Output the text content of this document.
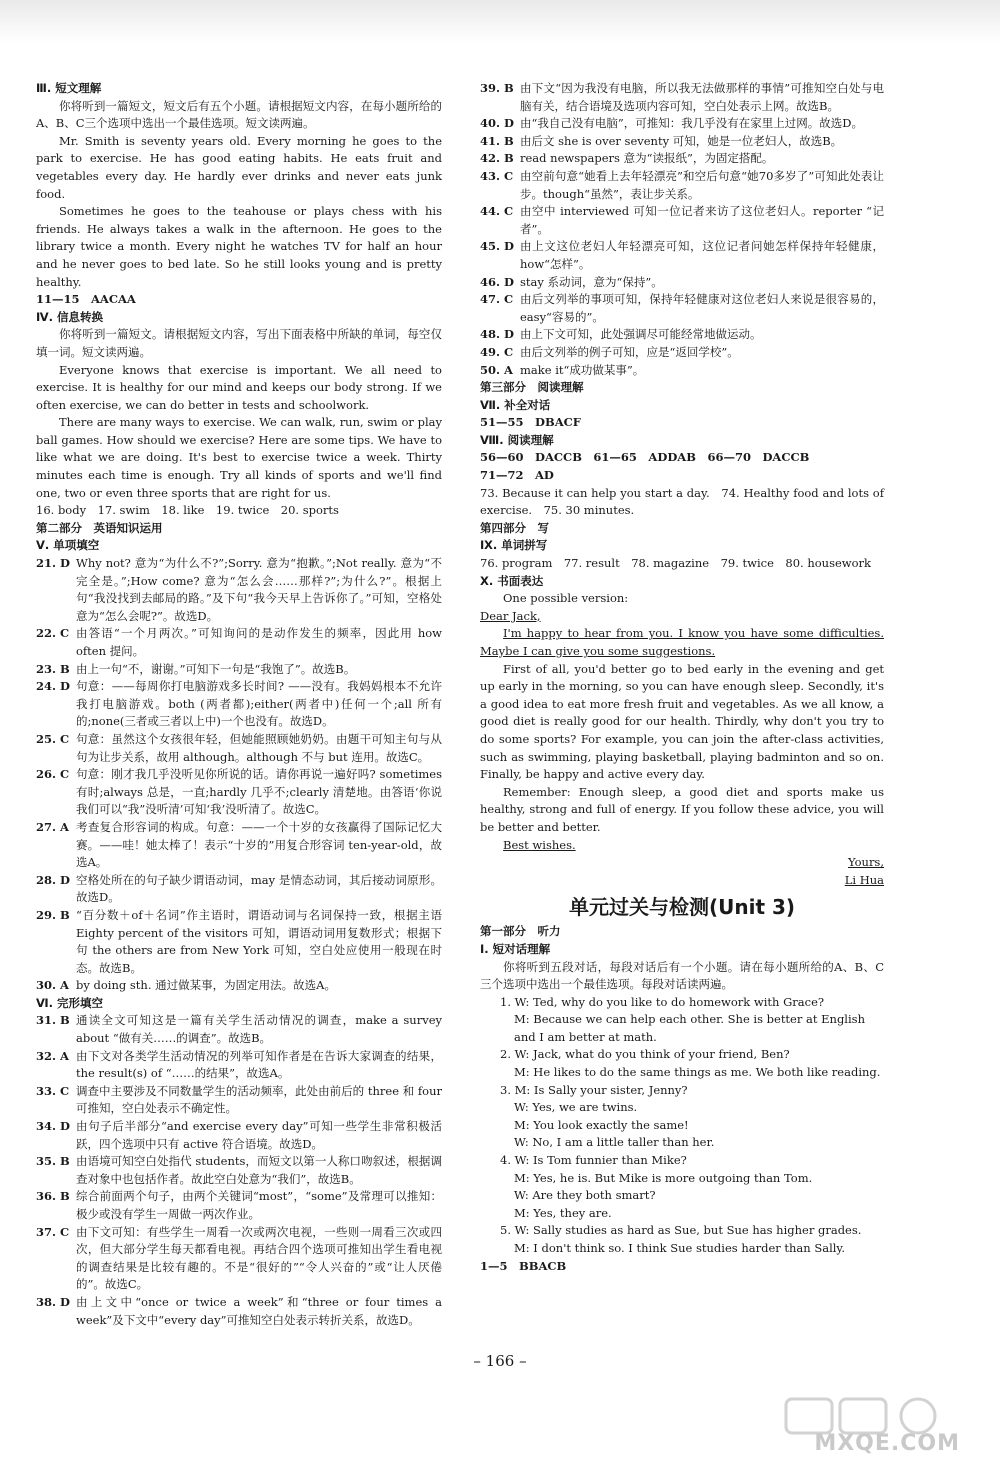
Ⅲ. 短文理解

你将听到一篇短文，短文后有五个小题。请根据短文内容，在每小题所给的A、B、C三个选项中选出一个最佳选项。短文读两遍。

Mr. Smith is seventy years old. Every morning he goes to the park to exercise. He has good eating habits. He eats fruit and vegetables every day. He hardly ever drinks and never eats junk food.

Sometimes he goes to the teahouse or plays chess with his friends. He always takes a walk in the afternoon. He goes to the library twice a month. Every night he watches TV for half an hour and he never goes to bed late. So he still looks young and is pretty healthy.

11—15　AACAA

Ⅳ. 信息转换

你将听到一篇短文。请根据短文内容，写出下面表格中所缺的单词，每空仅填一词。短文读两遍。

Everyone knows that exercise is important. We all need to exercise. It is healthy for our mind and keeps our body strong. If we often exercise, we can do better in tests and schoolwork.

There are many ways to exercise. We can walk, run, swim or play ball games. How should we exercise? Here are some tips. We have to like what we are doing. It's best to exercise twice a week. Thirty minutes each time is enough. Try all kinds of sports and we'll find one, two or even three sports that are right for us.

16. body　17. swim　18. like　19. twice　20. sports

第二部分　英语知识运用

Ⅴ. 单项填空

21. D Why not? 意为“为什么不?”;Sorry. 意为“抱歉。”;Not really. 意为“不完全是。”;How come? 意为“怎么会……那样?”;为什么?”。根据上句“我没找到去邮局的路。”及下句“我今天早上告诉你了。”可知，空格处意为“怎么会呢?”。故选D。
22. C 由答语“一个月两次。”可知询问的是动作发生的频率，因此用 how often 提问。
23. B 由上一句“不，谢谢。”可知下一句是“我饱了”。故选B。
24. D 句意：——每周你打电脑游戏多长时间? ——没有。我妈妈根本不允许我打电脑游戏。both (两者都);either(两者中)任何一个;all 所有的;none(三者或三者以上中)一个也没有。故选D。
25. C 句意：虽然这个女孩很年轻，但她能照顾她奶奶。由题干可知主句与从句为让步关系，故用 although。although 不与 but 连用。故选C。
26. C 句意：刚才我几乎没听见你所说的话。请你再说一遍好吗? sometimes 有时;always 总是，一直;hardly 几乎不;clearly 清楚地。由答语‘你说我们可以“我”没听清’可知‘我’没听清了。故选C。
27. A 考查复合形容词的构成。句意：——一个十岁的女孩赢得了国际记忆大赛。——哇！她太棒了！表示“十岁的”用复合形容词 ten-year-old，故选A。
28. D 空格处所在的句子缺少谓语动词，may 是情态动词，其后接动词原形。故选D。
29. B “百分数＋of＋名词”作主语时，谓语动词与名词保持一致，根据主语 Eighty percent of the visitors 可知，谓语动词用复数形式；根据下句 the others are from New York 可知，空白处应使用一般现在时态。故选B。
30. A by doing sth. 通过做某事，为固定用法。故选A。

Ⅵ. 完形填空

31. B 通读全文可知这是一篇有关学生活动情况的调查，make a survey about “做有关……的调查”。故选B。
32. A 由下文对各类学生活动情况的列举可知作者是在告诉大家调查的结果，the result(s) of “……的结果”，故选A。
33. C 调查中主要涉及不同数量学生的活动频率，此处由前后的 three 和 four 可推知，空白处表示不确定性。
34. D 由句子后半部分“and exercise every day”可知一些学生非常积极活跃，四个选项中只有 active 符合语境。故选D。
35. B 由语境可知空白处指代 students，而短文以第一人称口吻叙述，根据调查对象中也包括作者。故此空白处意为“我们”，故选B。
36. B 综合前面两个句子，由两个关键词“most”，“some”及常理可以推知：极少或没有学生一周做一两次作业。
37. C 由下文可知：有些学生一周看一次或两次电视，一些则一周看三次或四次，但大部分学生每天都看电视。再结合四个选项可推知出学生看电视的调查结果是比较有趣的。不是“很好的”“令人兴奋的”或“让人厌倦的”。故选C。
38. D 由上文中“once or twice a week”和“three or four times a week”及下文中“every day”可推知空白处表示转折关系，故选D。
39. B 由下文“因为我没有电脑，所以我无法做那样的事情”可推知空白处与电脑有关，结合语境及选项内容可知，空白处表示上网。故选B。
40. D 由“我自己没有电脑”，可推知：我几乎没有在家里上过网。故选D。
41. B 由后文 she is over seventy 可知，她是一位老妇人，故选B。
42. B read newspapers 意为“读报纸”，为固定搭配。
43. C 由空前句意“她看上去年轻漂亮”和空后句意“她70多岁了”可知此处表让步。though“虽然”，表让步关系。
44. C 由空中 interviewed 可知一位记者来访了这位老妇人。reporter “记者”。
45. D 由上文这位老妇人年轻漂亮可知，这位记者问她怎样保持年轻健康，how“怎样”。
46. D stay 系动词，意为“保持”。
47. C 由后文列举的事项可知，保持年轻健康对这位老妇人来说是很容易的，easy“容易的”。
48. D 由上下文可知，此处强调尽可能经常地做运动。
49. C 由后文列举的例子可知，应是“返回学校”。
50. A make it“成功做某事”。

第三部分　阅读理解

Ⅶ. 补全对话

51—55　DBACF

Ⅷ. 阅读理解

56—60　DACCB　61—65　ADDAB　66—70　DACCB

71—72　AD

73. Because it can help you start a day.　74. Healthy food and lots of exercise.　75. 30 minutes.

第四部分　写

Ⅸ. 单词拼写

76. program　77. result　78. magazine　79. twice　80. housework

Ⅹ. 书面表达

One possible version:

Dear Jack,

I'm happy to hear from you. I know you have some difficulties. Maybe I can give you some suggestions.

First of all, you'd better go to bed early in the evening and get up early in the morning, so you can have enough sleep. Secondly, it's a good idea to eat more fresh fruit and vegetables. As we all know, a good diet is really good for our health. Thirdly, why don't you try to do some sports? For example, you can join the after-class activities, such as swimming, playing basketball, playing badminton and so on. Finally, be happy and active every day.

Remember: Enough sleep, a good diet and sports make us healthy, strong and full of energy. If you follow these advice, you will be better and better.

Best wishes.

Yours,

Li Hua

单元过关与检测(Unit 3)

第一部分　听力

Ⅰ. 短对话理解

你将听到五段对话，每段对话后有一个小题。请在每小题所给的A、B、C三个选项中选出一个最佳选项。每段对话读两遍。

1. W: Ted, why do you like to do homework with Grace?

M: Because we can help each other. She is better at English and I am better at math.

2. W: Jack, what do you think of your friend, Ben?

M: He likes to do the same things as me. We both like reading.

3. M: Is Sally your sister, Jenny?

W: Yes, we are twins.

M: You look exactly the same!

W: No, I am a little taller than her.

4. W: Is Tom funnier than Mike?

M: Yes, he is. But Mike is more outgoing than Tom.

W: Are they both smart?

M: Yes, they are.

5. W: Sally studies as hard as Sue, but Sue has higher grades.

M: I don't think so. I think Sue studies harder than Sally.

1—5　BBACB

– 166 –
MXQE.COM
